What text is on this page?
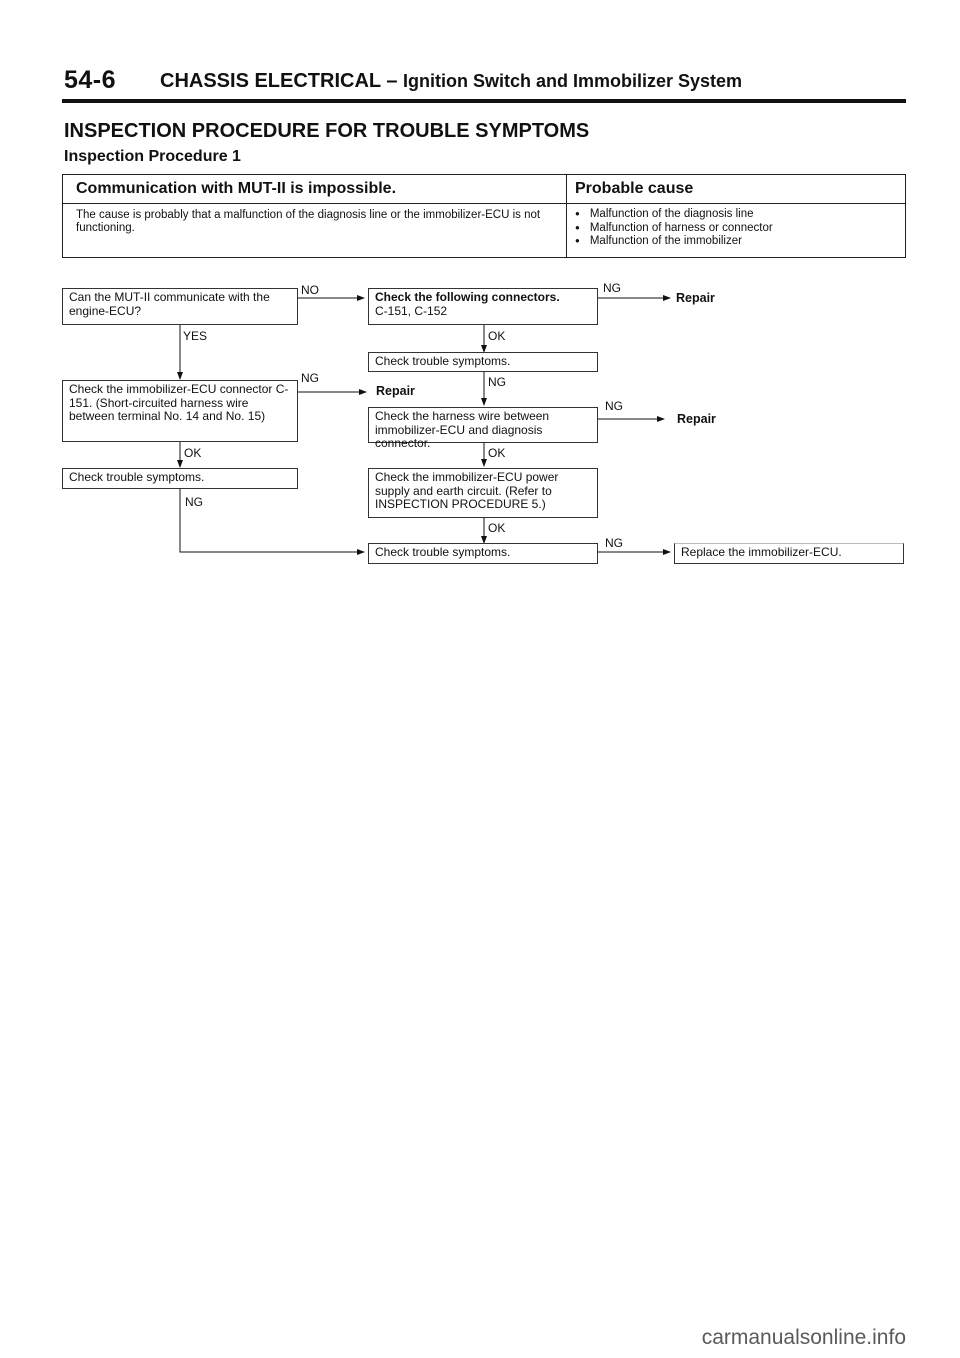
54-6 CHASSIS ELECTRICAL – Ignition Switch and Immobilizer System
INSPECTION PROCEDURE FOR TROUBLE SYMPTOMS
Inspection Procedure 1
Communication with MUT-II is impossible.	Probable cause
The cause is probably that a malfunction of the diagnosis line or the immobilizer-ECU is not functioning.
● Malfunction of the diagnosis line
● Malfunction of harness or connector
● Malfunction of the immobilizer
Can the MUT-II communicate with the engine-ECU?
Check the following connectors.
C-151, C-152
Check trouble symptoms.
Check the immobilizer-ECU connector C-151. (Short-circuited harness wire between terminal No. 14 and No. 15)
Check trouble symptoms.
Check the harness wire between immobilizer-ECU and diagnosis connector.
Check the immobilizer-ECU power supply and earth circuit. (Refer to INSPECTION PROCEDURE 5.)
Check trouble symptoms.	Replace the immobilizer-ECU.
Repair
Repair
Repair
NO	NG
YES	OK
NG	NG
NG
OK	OK
NG
OK
NG
carmanualsonline.info
